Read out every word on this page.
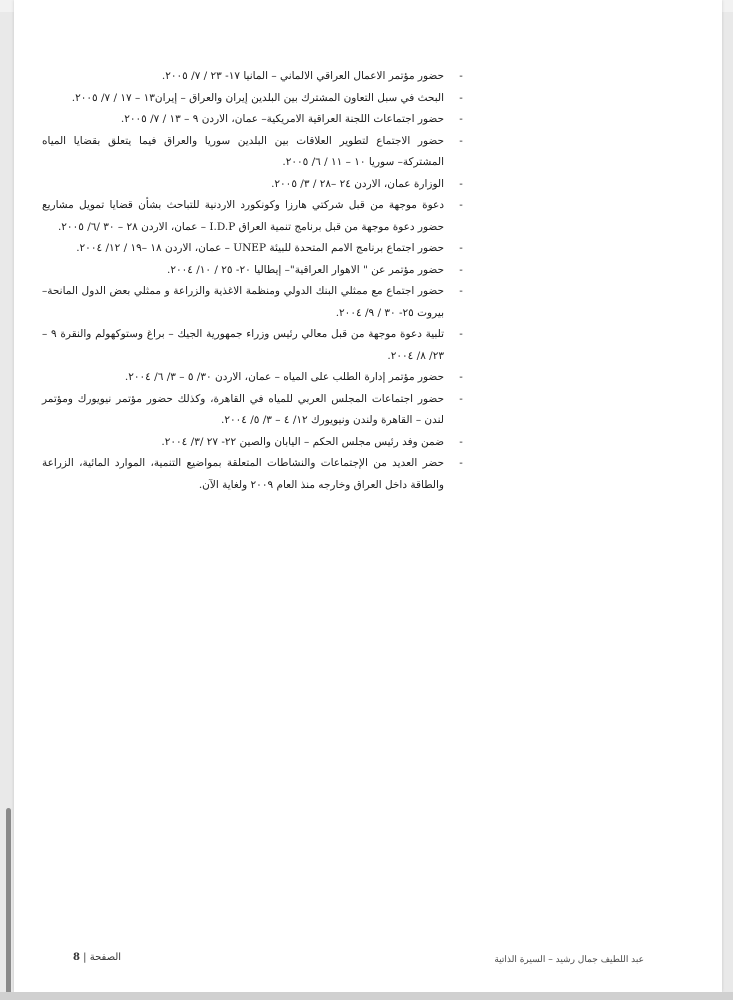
-
حضور مؤتمر الاعمال العراقي الالماني – المانيا ١٧- ٢٣ / ٧/ ٢٠٠٥.
-
البحث في سبل التعاون المشترك بين البلدين إيران والعراق – إيران١٣ – ١٧ / ٧/ ٢٠٠٥.
-
حضور اجتماعات اللجنة العراقية الامريكية– عمان، الاردن ٩ – ١٣ / ٧/ ٢٠٠٥.
-
حضور الاجتماع لتطوير العلاقات بين البلدين سوريا والعراق فيما يتعلق بقضايا المياه المشتركة– سوريا ١٠ – ١١ / ٦/ ٢٠٠٥.
-
الوزارة عمان، الاردن ٢٤ –٢٨ / ٣/ ٢٠٠٥.
-
دعوة موجهة من قبل شركتي هارزا وكونكورد الاردنية للتباحث بشأن قضايا تمويل مشاريع حضور دعوة موجهة من قبل برنامج تنمية العراق I.D.P – عمان، الاردن ٢٨ – ٣٠ /٦/ ٢٠٠٥.
-
حضور اجتماع برنامج الامم المتحدة للبيئة UNEP – عمان، الاردن ١٨ –١٩ / ١٢/ ٢٠٠٤.
-
حضور مؤتمر عن " الاهوار العراقية"– إيطاليا ٢٠- ٢٥ / ١٠/ ٢٠٠٤.
-
حضور اجتماع مع ممثلي البنك الدولي ومنظمة الاغذية والزراعة و ممثلي بعض الدول المانحة– بيروت ٢٥- ٣٠ / ٩/ ٢٠٠٤.
-
تلبية دعوة موجهة من قبل معالي رئيس وزراء جمهورية الجيك – براغ وستوكهولم والنقرة ٩ – ٢٣/ ٨/ ٢٠٠٤.
-
حضور مؤتمر إدارة الطلب على المياه – عمان، الاردن ٣٠/ ٥ – ٣/ ٦/ ٢٠٠٤.
-
حضور اجتماعات المجلس العربي للمياه في القاهرة، وكذلك حضور مؤتمر نيويورك ومؤتمر لندن – القاهرة ولندن ونيويورك ١٢/ ٤ – ٣/ ٥/ ٢٠٠٤.
-
ضمن وفد رئيس مجلس الحكم – اليابان والصين ٢٢- ٢٧ /٣/ ٢٠٠٤.
-
حضر العديد من الإجتماعات والنشاطات المتعلقة بمواضيع التنمية، الموارد المائية، الزراعة والطاقة داخل العراق وخارجه منذ العام ٢٠٠٩ ولغاية الآن.
الصفحة | 8	عبد اللطيف جمال رشيد – السيرة الذاتية
